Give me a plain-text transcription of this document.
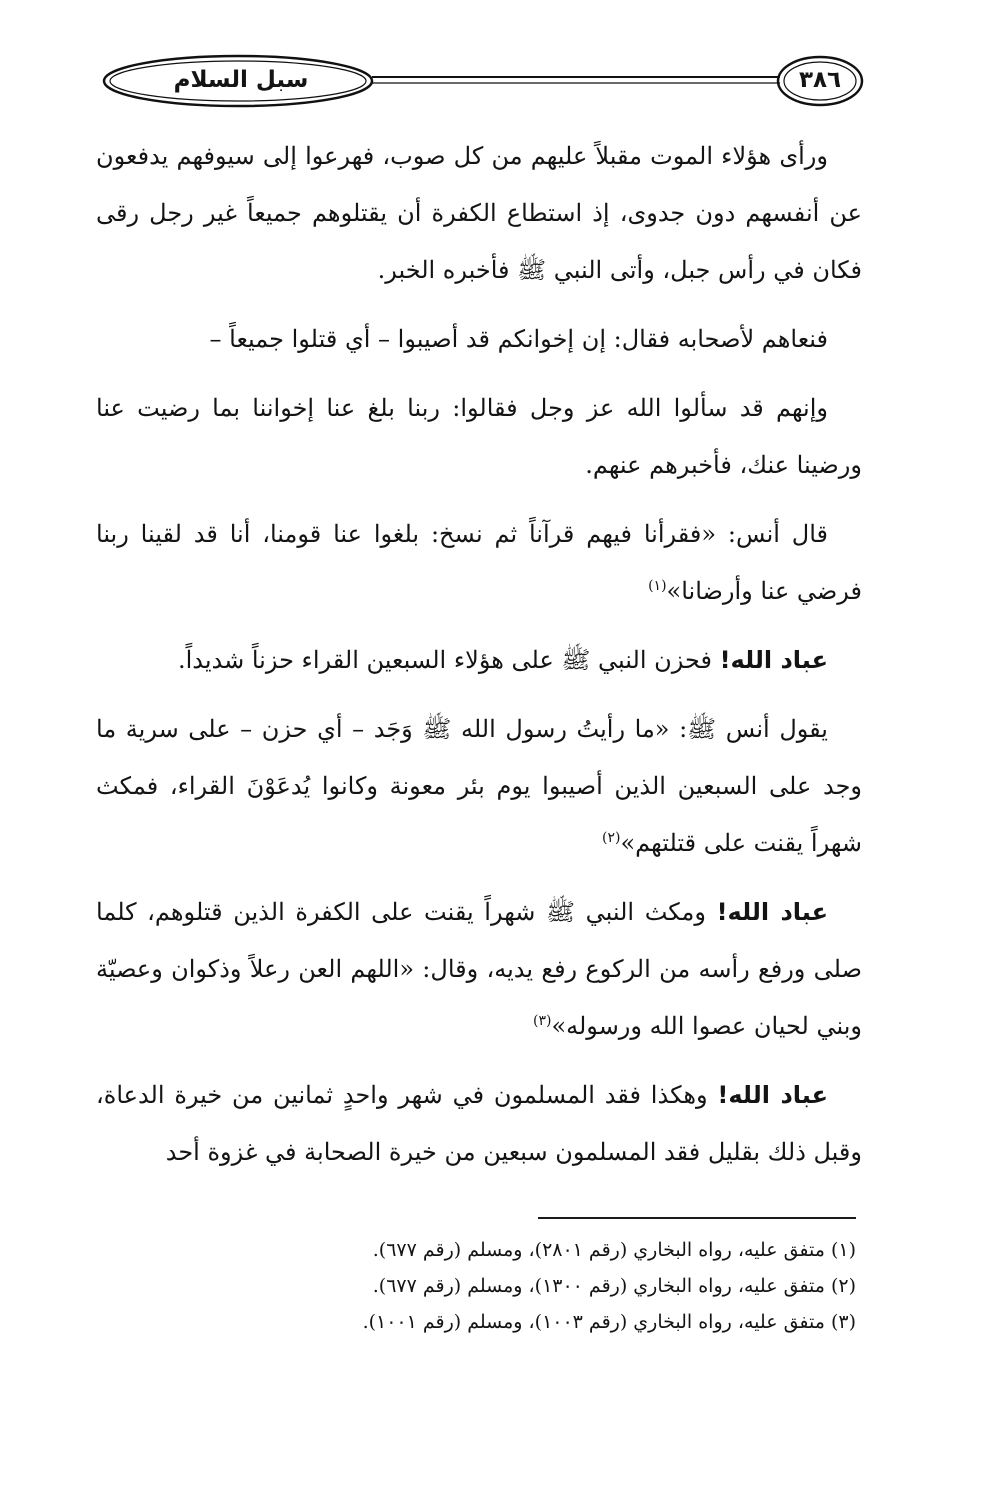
سبل السلام	٣٨٦

ورأى هؤلاء الموت مقبلاً عليهم من كل صوب، فهرعوا إلى سيوفهم يدفعون عن أنفسهم دون جدوى، إذ استطاع الكفرة أن يقتلوهم جميعاً غير رجل رقى فكان في رأس جبل، وأتى النبي ﷺ فأخبره الخبر.

فنعاهم لأصحابه فقال: إن إخوانكم قد أصيبوا – أي قتلوا جميعاً –

وإنهم قد سألوا الله عز وجل فقالوا: ربنا بلغ عنا إخواننا بما رضيت عنا ورضينا عنك، فأخبرهم عنهم.

قال أنس: «فقرأنا فيهم قرآناً ثم نسخ: بلغوا عنا قومنا، أنا قد لقينا ربنا فرضي عنا وأرضانا»$^{(١)}$

عباد الله! فحزن النبي ﷺ على هؤلاء السبعين القراء حزناً شديداً.

يقول أنس ﷺ: «ما رأيتُ رسول الله ﷺ وَجَد – أي حزن – على سرية ما وجد على السبعين الذين أصيبوا يوم بئر معونة وكانوا يُدعَوْنَ القراء، فمكث شهراً يقنت على قتلتهم»$^{(٢)}$

عباد الله! ومكث النبي ﷺ شهراً يقنت على الكفرة الذين قتلوهم، كلما صلى ورفع رأسه من الركوع رفع يديه، وقال: «اللهم العن رعلاً وذكوان وعصيّة وبني لحيان عصوا الله ورسوله»$^{(٣)}$

عباد الله! وهكذا فقد المسلمون في شهر واحدٍ ثمانين من خيرة الدعاة، وقبل ذلك بقليل فقد المسلمون سبعين من خيرة الصحابة في غزوة أحد

(١)متفق عليه، رواه البخاري (رقم ٢٨٠١)، ومسلم (رقم ٦٧٧).

(٢)متفق عليه، رواه البخاري (رقم ١٣٠٠)، ومسلم (رقم ٦٧٧).

(٣)متفق عليه، رواه البخاري (رقم ١٠٠٣)، ومسلم (رقم ١٠٠١).
